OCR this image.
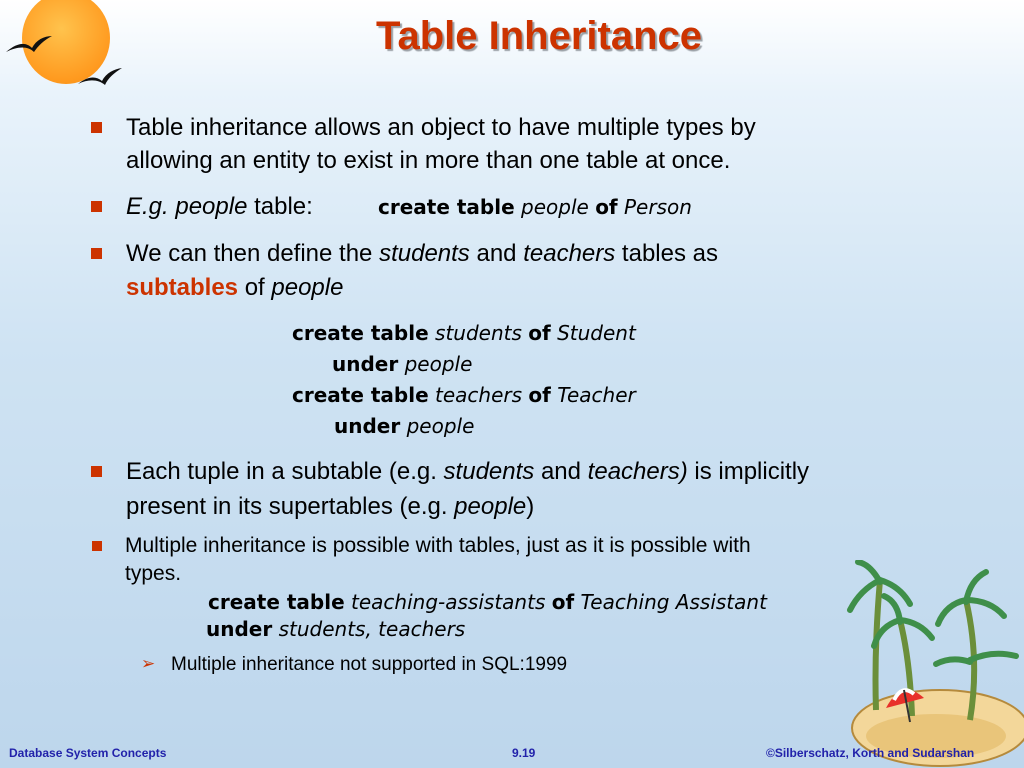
Table Inheritance
Table inheritance allows an object to have multiple types by
allowing an entity to exist in more than one table at once.
E.g. people table:	create table people of Person
We can then define the students and teachers tables as
subtables of people
create table students of Student
under people
create table teachers of Teacher
under people
Each tuple in a subtable (e.g. students and teachers) is implicitly
present in its supertables (e.g. people)
Multiple inheritance is possible with tables, just as it is possible with
types.
create table teaching-assistants of Teaching Assistant
under students, teachers
➢ Multiple inheritance not supported in SQL:1999
Database System Concepts	9.19	©Silberschatz, Korth and Sudarshan
